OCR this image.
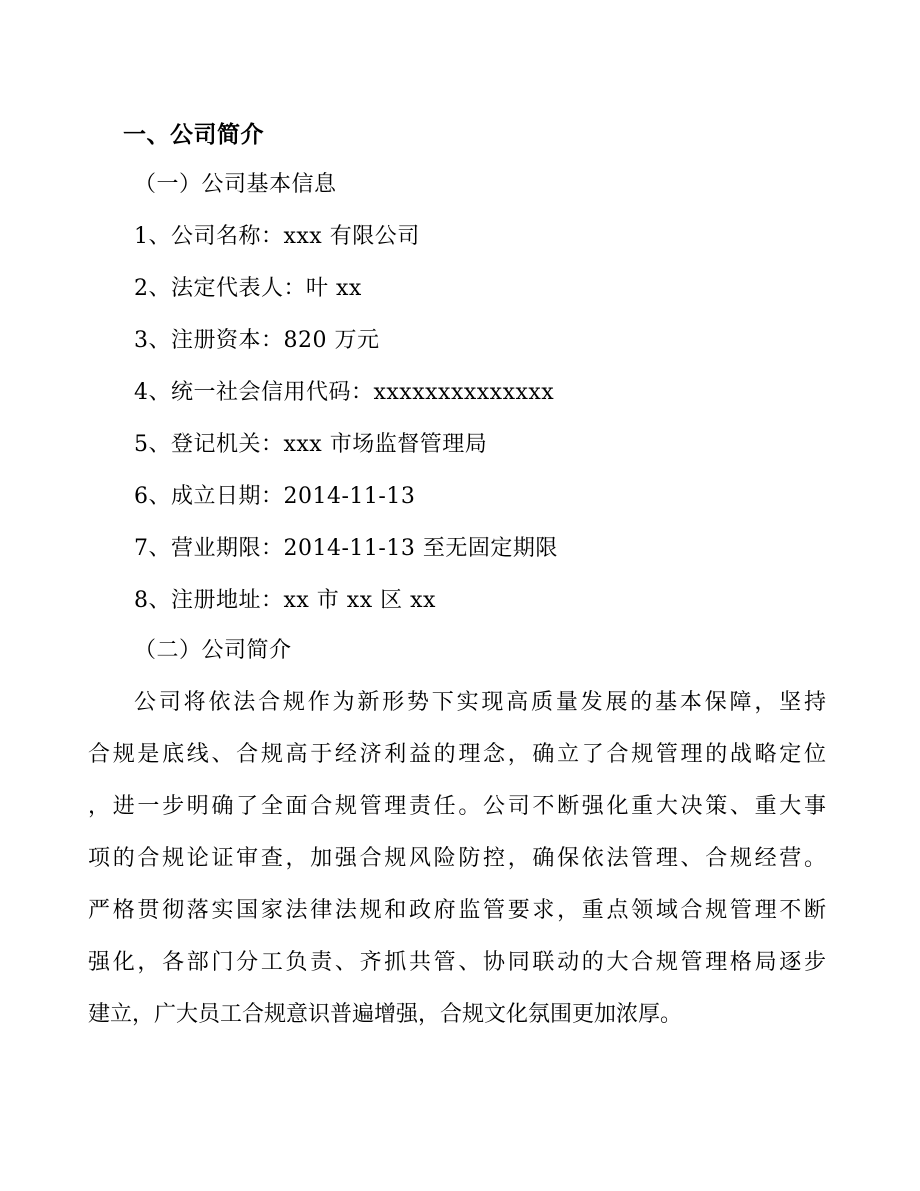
一、公司简介
（一）公司基本信息
1、公司名称：xxx 有限公司
2、法定代表人：叶 xx
3、注册资本：820 万元
4、统一社会信用代码：xxxxxxxxxxxxxx
5、登记机关：xxx 市场监督管理局
6、成立日期：2014-11-13
7、营业期限：2014-11-13 至无固定期限
8、注册地址：xx 市 xx 区 xx
（二）公司简介
公司将依法合规作为新形势下实现高质量发展的基本保障，坚持
合规是底线、合规高于经济利益的理念，确立了合规管理的战略定位
，进一步明确了全面合规管理责任。公司不断强化重大决策、重大事
项的合规论证审查，加强合规风险防控，确保依法管理、合规经营。
严格贯彻落实国家法律法规和政府监管要求，重点领域合规管理不断
强化，各部门分工负责、齐抓共管、协同联动的大合规管理格局逐步
建立，广大员工合规意识普遍增强，合规文化氛围更加浓厚。
